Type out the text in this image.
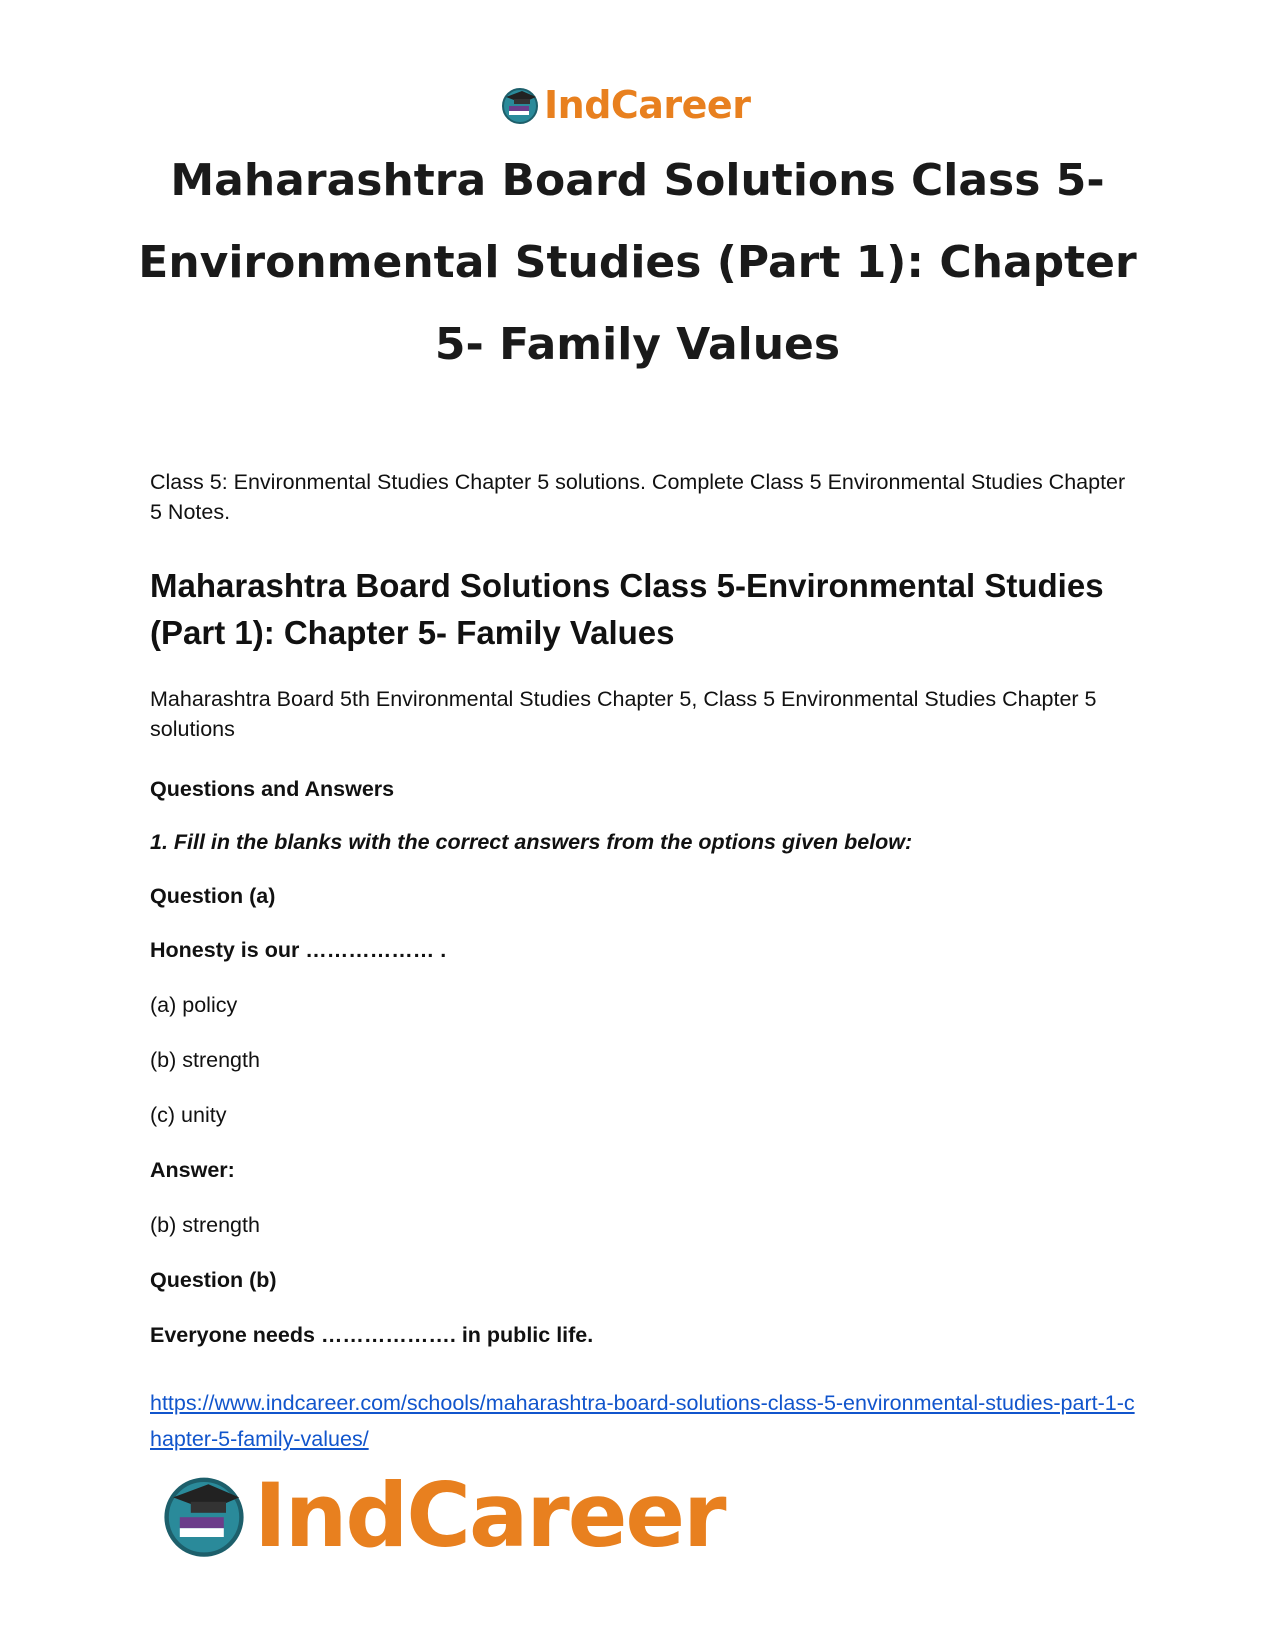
IndCareer
Maharashtra Board Solutions Class 5-Environmental Studies (Part 1): Chapter 5- Family Values

Class 5: Environmental Studies Chapter 5 solutions. Complete Class 5 Environmental Studies Chapter 5 Notes.

Maharashtra Board Solutions Class 5-Environmental Studies (Part 1): Chapter 5- Family Values

Maharashtra Board 5th Environmental Studies Chapter 5, Class 5 Environmental Studies Chapter 5 solutions

Questions and Answers

1. Fill in the blanks with the correct answers from the options given below:

Question (a)

Honesty is our ……………… .

(a) policy

(b) strength

(c) unity

Answer:

(b) strength

Question (b)

Everyone needs ………………. in public life.

https://www.indcareer.com/schools/maharashtra-board-solutions-class-5-environmental-studies-part-1-chapter-5-family-values/
IndCareer
